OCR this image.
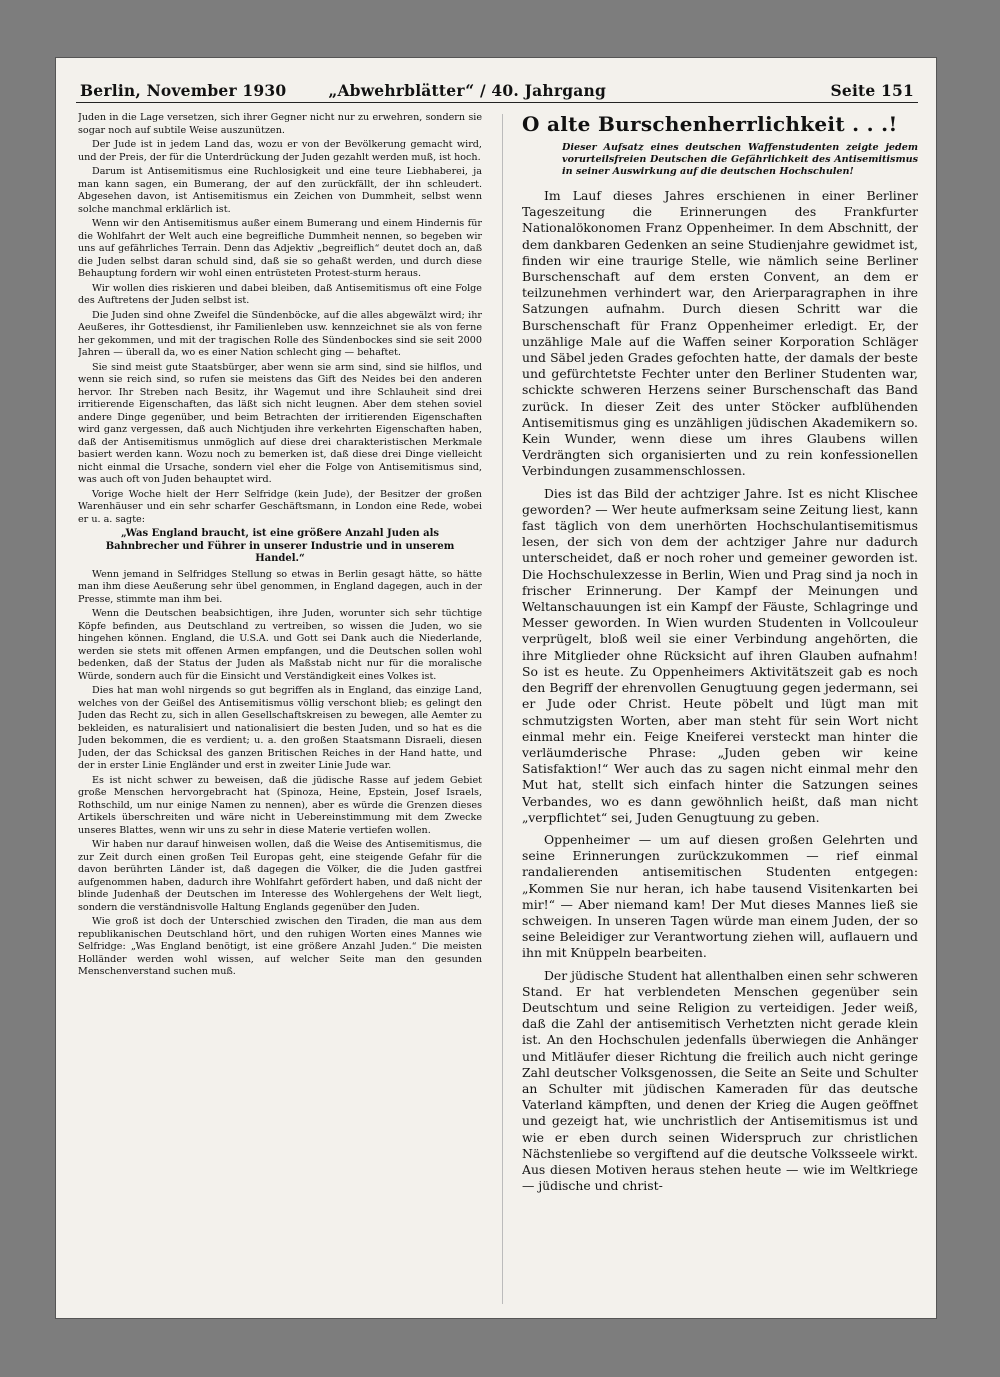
Berlin, November 1930	„Abwehrblätter“ / 40. Jahrgang	Seite 151

Juden in die Lage versetzen, sich ihrer Gegner nicht nur zu erwehren, sondern sie sogar noch auf subtile Weise auszunützen.

Der Jude ist in jedem Land das, wozu er von der Bevölkerung gemacht wird, und der Preis, der für die Unterdrückung der Juden gezahlt werden muß, ist hoch.

Darum ist Antisemitismus eine Ruchlosigkeit und eine teure Liebhaberei, ja man kann sagen, ein Bumerang, der auf den zurückfällt, der ihn schleudert. Abgesehen davon, ist Antisemitismus ein Zeichen von Dummheit, selbst wenn solche manchmal erklärlich ist.

Wenn wir den Antisemitismus außer einem Bumerang und einem Hindernis für die Wohlfahrt der Welt auch eine begreifliche Dummheit nennen, so begeben wir uns auf gefährliches Terrain. Denn das Adjektiv „begreiflich“ deutet doch an, daß die Juden selbst daran schuld sind, daß sie so gehaßt werden, und durch diese Behauptung fordern wir wohl einen entrüsteten Protest-sturm heraus.

Wir wollen dies riskieren und dabei bleiben, daß Antisemitismus oft eine Folge des Auftretens der Juden selbst ist.

Die Juden sind ohne Zweifel die Sündenböcke, auf die alles abgewälzt wird; ihr Aeußeres, ihr Gottesdienst, ihr Familienleben usw. kennzeichnet sie als von ferne her gekommen, und mit der tragischen Rolle des Sündenbockes sind sie seit 2000 Jahren — überall da, wo es einer Nation schlecht ging — behaftet.

Sie sind meist gute Staatsbürger, aber wenn sie arm sind, sind sie hilflos, und wenn sie reich sind, so rufen sie meistens das Gift des Neides bei den anderen hervor. Ihr Streben nach Besitz, ihr Wagemut und ihre Schlauheit sind drei irritierende Eigenschaften, das läßt sich nicht leugnen. Aber dem stehen soviel andere Dinge gegenüber, und beim Betrachten der irritierenden Eigenschaften wird ganz vergessen, daß auch Nichtjuden ihre verkehrten Eigenschaften haben, daß der Antisemitismus unmöglich auf diese drei charakteristischen Merkmale basiert werden kann. Wozu noch zu bemerken ist, daß diese drei Dinge vielleicht nicht einmal die Ursache, sondern viel eher die Folge von Antisemitismus sind, was auch oft von Juden behauptet wird.

Vorige Woche hielt der Herr Selfridge (kein Jude), der Besitzer der großen Warenhäuser und ein sehr scharfer Geschäftsmann, in London eine Rede, wobei er u. a. sagte:

„Was England braucht, ist eine größere Anzahl Juden als Bahnbrecher und Führer in unserer Industrie und in unserem Handel.“

Wenn jemand in Selfridges Stellung so etwas in Berlin gesagt hätte, so hätte man ihm diese Aeußerung sehr übel genommen, in England dagegen, auch in der Presse, stimmte man ihm bei.

Wenn die Deutschen beabsichtigen, ihre Juden, worunter sich sehr tüchtige Köpfe befinden, aus Deutschland zu vertreiben, so wissen die Juden, wo sie hingehen können. England, die U.S.A. und Gott sei Dank auch die Niederlande, werden sie stets mit offenen Armen empfangen, und die Deutschen sollen wohl bedenken, daß der Status der Juden als Maßstab nicht nur für die moralische Würde, sondern auch für die Einsicht und Verständigkeit eines Volkes ist.

Dies hat man wohl nirgends so gut begriffen als in England, das einzige Land, welches von der Geißel des Antisemitismus völlig verschont blieb; es gelingt den Juden das Recht zu, sich in allen Gesellschaftskreisen zu bewegen, alle Aemter zu bekleiden, es naturalisiert und nationalisiert die besten Juden, und so hat es die Juden bekommen, die es verdient; u. a. den großen Staatsmann Disraeli, diesen Juden, der das Schicksal des ganzen Britischen Reiches in der Hand hatte, und der in erster Linie Engländer und erst in zweiter Linie Jude war.

Es ist nicht schwer zu beweisen, daß die jüdische Rasse auf jedem Gebiet große Menschen hervorgebracht hat (Spinoza, Heine, Epstein, Josef Israels, Rothschild, um nur einige Namen zu nennen), aber es würde die Grenzen dieses Artikels überschreiten und wäre nicht in Uebereinstimmung mit dem Zwecke unseres Blattes, wenn wir uns zu sehr in diese Materie vertiefen wollen.

Wir haben nur darauf hinweisen wollen, daß die Weise des Antisemitismus, die zur Zeit durch einen großen Teil Europas geht, eine steigende Gefahr für die davon berührten Länder ist, daß dagegen die Völker, die die Juden gastfrei aufgenommen haben, dadurch ihre Wohlfahrt gefördert haben, und daß nicht der blinde Judenhaß der Deutschen im Interesse des Wohlergehens der Welt liegt, sondern die verständnisvolle Haltung Englands gegenüber den Juden.

Wie groß ist doch der Unterschied zwischen den Tiraden, die man aus dem republikanischen Deutschland hört, und den ruhigen Worten eines Mannes wie Selfridge: „Was England benötigt, ist eine größere Anzahl Juden.“ Die meisten Holländer werden wohl wissen, auf welcher Seite man den gesunden Menschenverstand suchen muß.

O alte Burschenherrlichkeit . . .!
Dieser Aufsatz eines deutschen Waffenstudenten zeigte jedem vorurteilsfreien Deutschen die Gefährlichkeit des Antisemitismus in seiner Auswirkung auf die deutschen Hochschulen!

Im Lauf dieses Jahres erschienen in einer Berliner Tageszeitung die Erinnerungen des Frankfurter Nationalökonomen Franz Oppenheimer. In dem Abschnitt, der dem dankbaren Gedenken an seine Studienjahre gewidmet ist, finden wir eine traurige Stelle, wie nämlich seine Berliner Burschenschaft auf dem ersten Convent, an dem er teilzunehmen verhindert war, den Arierparagraphen in ihre Satzungen aufnahm. Durch diesen Schritt war die Burschenschaft für Franz Oppenheimer erledigt. Er, der unzählige Male auf die Waffen seiner Korporation Schläger und Säbel jeden Grades gefochten hatte, der damals der beste und gefürchtetste Fechter unter den Berliner Studenten war, schickte schweren Herzens seiner Burschenschaft das Band zurück. In dieser Zeit des unter Stöcker aufblühenden Antisemitismus ging es unzähligen jüdischen Akademikern so. Kein Wunder, wenn diese um ihres Glaubens willen Verdrängten sich organisierten und zu rein konfessionellen Verbindungen zusammenschlossen.

Dies ist das Bild der achtziger Jahre. Ist es nicht Klischee geworden? — Wer heute aufmerksam seine Zeitung liest, kann fast täglich von dem unerhörten Hochschulantisemitismus lesen, der sich von dem der achtziger Jahre nur dadurch unterscheidet, daß er noch roher und gemeiner geworden ist. Die Hochschulexzesse in Berlin, Wien und Prag sind ja noch in frischer Erinnerung. Der Kampf der Meinungen und Weltanschauungen ist ein Kampf der Fäuste, Schlagringe und Messer geworden. In Wien wurden Studenten in Vollcouleur verprügelt, bloß weil sie einer Verbindung angehörten, die ihre Mitglieder ohne Rücksicht auf ihren Glauben aufnahm! So ist es heute. Zu Oppenheimers Aktivitätszeit gab es noch den Begriff der ehrenvollen Genugtuung gegen jedermann, sei er Jude oder Christ. Heute pöbelt und lügt man mit schmutzigsten Worten, aber man steht für sein Wort nicht einmal mehr ein. Feige Kneiferei versteckt man hinter die verläumderische Phrase: „Juden geben wir keine Satisfaktion!“ Wer auch das zu sagen nicht einmal mehr den Mut hat, stellt sich einfach hinter die Satzungen seines Verbandes, wo es dann gewöhnlich heißt, daß man nicht „verpflichtet“ sei, Juden Genugtuung zu geben.

Oppenheimer — um auf diesen großen Gelehrten und seine Erinnerungen zurückzukommen — rief einmal randalierenden antisemitischen Studenten entgegen: „Kommen Sie nur heran, ich habe tausend Visitenkarten bei mir!“ — Aber niemand kam! Der Mut dieses Mannes ließ sie schweigen. In unseren Tagen würde man einem Juden, der so seine Beleidiger zur Verantwortung ziehen will, auflauern und ihn mit Knüppeln bearbeiten.

Der jüdische Student hat allenthalben einen sehr schweren Stand. Er hat verblendeten Menschen gegenüber sein Deutschtum und seine Religion zu verteidigen. Jeder weiß, daß die Zahl der antisemitisch Verhetzten nicht gerade klein ist. An den Hochschulen jedenfalls überwiegen die Anhänger und Mitläufer dieser Richtung die freilich auch nicht geringe Zahl deutscher Volksgenossen, die Seite an Seite und Schulter an Schulter mit jüdischen Kameraden für das deutsche Vaterland kämpften, und denen der Krieg die Augen geöffnet und gezeigt hat, wie unchristlich der Antisemitismus ist und wie er eben durch seinen Widerspruch zur christlichen Nächstenliebe so vergiftend auf die deutsche Volksseele wirkt. Aus diesen Motiven heraus stehen heute — wie im Weltkriege — jüdische und christ-
